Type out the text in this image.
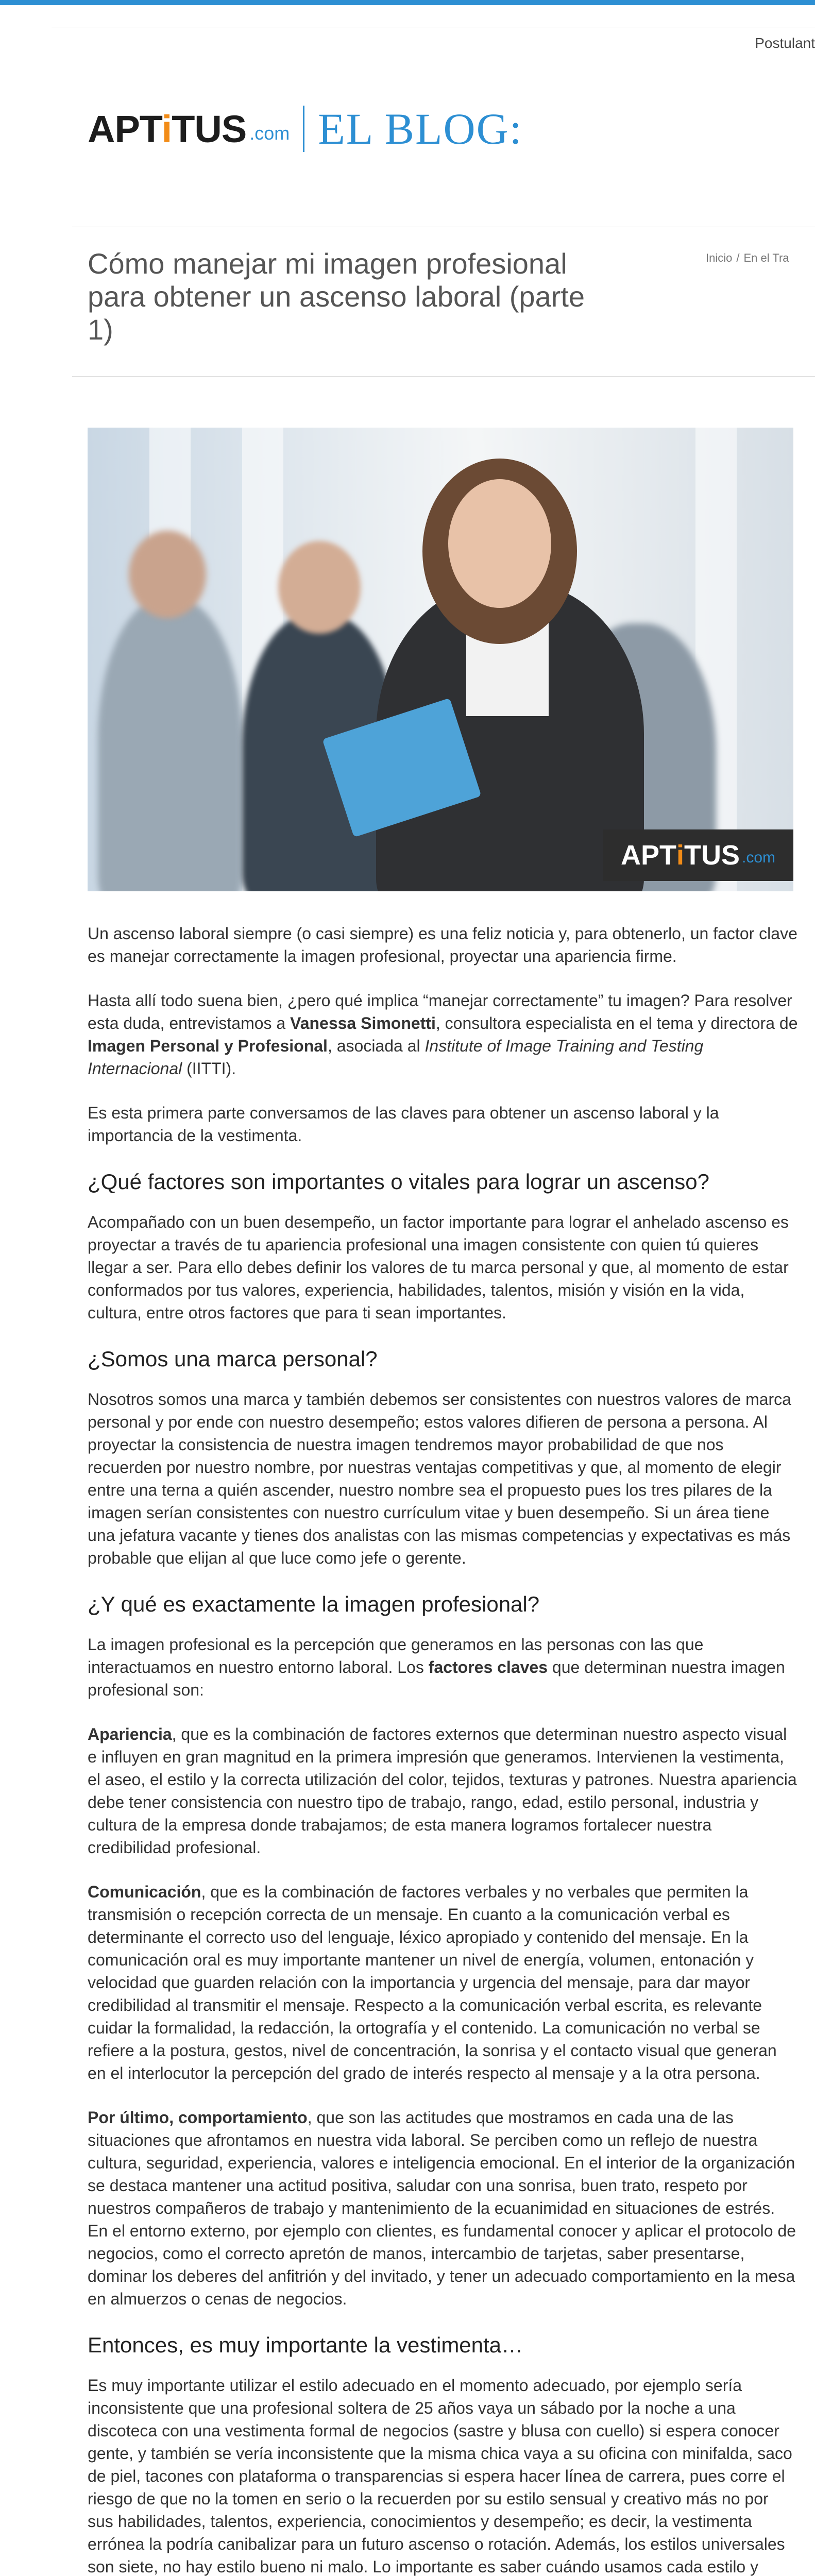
Postulant
APTiTUS .com EL BLOG:
Cómo manejar mi imagen profesional para obtener un ascenso laboral (parte 1)
Inicio / En el Tra
APT i TUS .com

Un ascenso laboral siempre (o casi siempre) es una feliz noticia y, para obtenerlo, un factor clave es manejar correctamente la imagen profesional, proyectar una apariencia firme.

Hasta allí todo suena bien, ¿pero qué implica “manejar correctamente” tu imagen? Para resolver esta duda, entrevistamos a Vanessa Simonetti, consultora especialista en el tema y directora de Imagen Personal y Profesional, asociada al Institute of Image Training and Testing Internacional (IITTI).

Es esta primera parte conversamos de las claves para obtener un ascenso laboral y la importancia de la vestimenta.

¿Qué factores son importantes o vitales para lograr un ascenso?

Acompañado con un buen desempeño, un factor importante para lograr el anhelado ascenso es proyectar a través de tu apariencia profesional una imagen consistente con quien tú quieres llegar a ser. Para ello debes definir los valores de tu marca personal y que, al momento de estar conformados por tus valores, experiencia, habilidades, talentos, misión y visión en la vida, cultura, entre otros factores que para ti sean importantes.

¿Somos una marca personal?

Nosotros somos una marca y también debemos ser consistentes con nuestros valores de marca personal y por ende con nuestro desempeño; estos valores difieren de persona a persona. Al proyectar la consistencia de nuestra imagen tendremos mayor probabilidad de que nos recuerden por nuestro nombre, por nuestras ventajas competitivas y que, al momento de elegir entre una terna a quién ascender, nuestro nombre sea el propuesto pues los tres pilares de la imagen serían consistentes con nuestro currículum vitae y buen desempeño. Si un área tiene una jefatura vacante y tienes dos analistas con las mismas competencias y expectativas es más probable que elijan al que luce como jefe o gerente.

¿Y qué es exactamente la imagen profesional?

La imagen profesional es la percepción que generamos en las personas con las que interactuamos en nuestro entorno laboral. Los factores claves que determinan nuestra imagen profesional son:

Apariencia, que es la combinación de factores externos que determinan nuestro aspecto visual e influyen en gran magnitud en la primera impresión que generamos. Intervienen la vestimenta, el aseo, el estilo y la correcta utilización del color, tejidos, texturas y patrones. Nuestra apariencia debe tener consistencia con nuestro tipo de trabajo, rango, edad, estilo personal, industria y cultura de la empresa donde trabajamos; de esta manera logramos fortalecer nuestra credibilidad profesional.

Comunicación, que es la combinación de factores verbales y no verbales que permiten la transmisión o recepción correcta de un mensaje. En cuanto a la comunicación verbal es determinante el correcto uso del lenguaje, léxico apropiado y contenido del mensaje. En la comunicación oral es muy importante mantener un nivel de energía, volumen, entonación y velocidad que guarden relación con la importancia y urgencia del mensaje, para dar mayor credibilidad al transmitir el mensaje. Respecto a la comunicación verbal escrita, es relevante cuidar la formalidad, la redacción, la ortografía y el contenido. La comunicación no verbal se refiere a la postura, gestos, nivel de concentración, la sonrisa y el contacto visual que generan en el interlocutor la percepción del grado de interés respecto al mensaje y a la otra persona.

Por último, comportamiento, que son las actitudes que mostramos en cada una de las situaciones que afrontamos en nuestra vida laboral. Se perciben como un reflejo de nuestra cultura, seguridad, experiencia, valores e inteligencia emocional. En el interior de la organización se destaca mantener una actitud positiva, saludar con una sonrisa, buen trato, respeto por nuestros compañeros de trabajo y mantenimiento de la ecuanimidad en situaciones de estrés. En el entorno externo, por ejemplo con clientes, es fundamental conocer y aplicar el protocolo de negocios, como el correcto apretón de manos, intercambio de tarjetas, saber presentarse, dominar los deberes del anfitrión y del invitado, y tener un adecuado comportamiento en la mesa en almuerzos o cenas de negocios.

Entonces, es muy importante la vestimenta…

Es muy importante utilizar el estilo adecuado en el momento adecuado, por ejemplo sería inconsistente que una profesional soltera de 25 años vaya un sábado por la noche a una discoteca con una vestimenta formal de negocios (sastre y blusa con cuello) si espera conocer gente, y también se vería inconsistente que la misma chica vaya a su oficina con minifalda, saco de piel, tacones con plataforma o transparencias si espera hacer línea de carrera, pues corre el riesgo de que no la tomen en serio o la recuerden por su estilo sensual y creativo más no por sus habilidades, talentos, experiencia, conocimientos y desempeño; es decir, la vestimenta errónea la podría canibalizar para un futuro ascenso o rotación. Además, los estilos universales son siete, no hay estilo bueno ni malo. Lo importante es saber cuándo usamos cada estilo y
